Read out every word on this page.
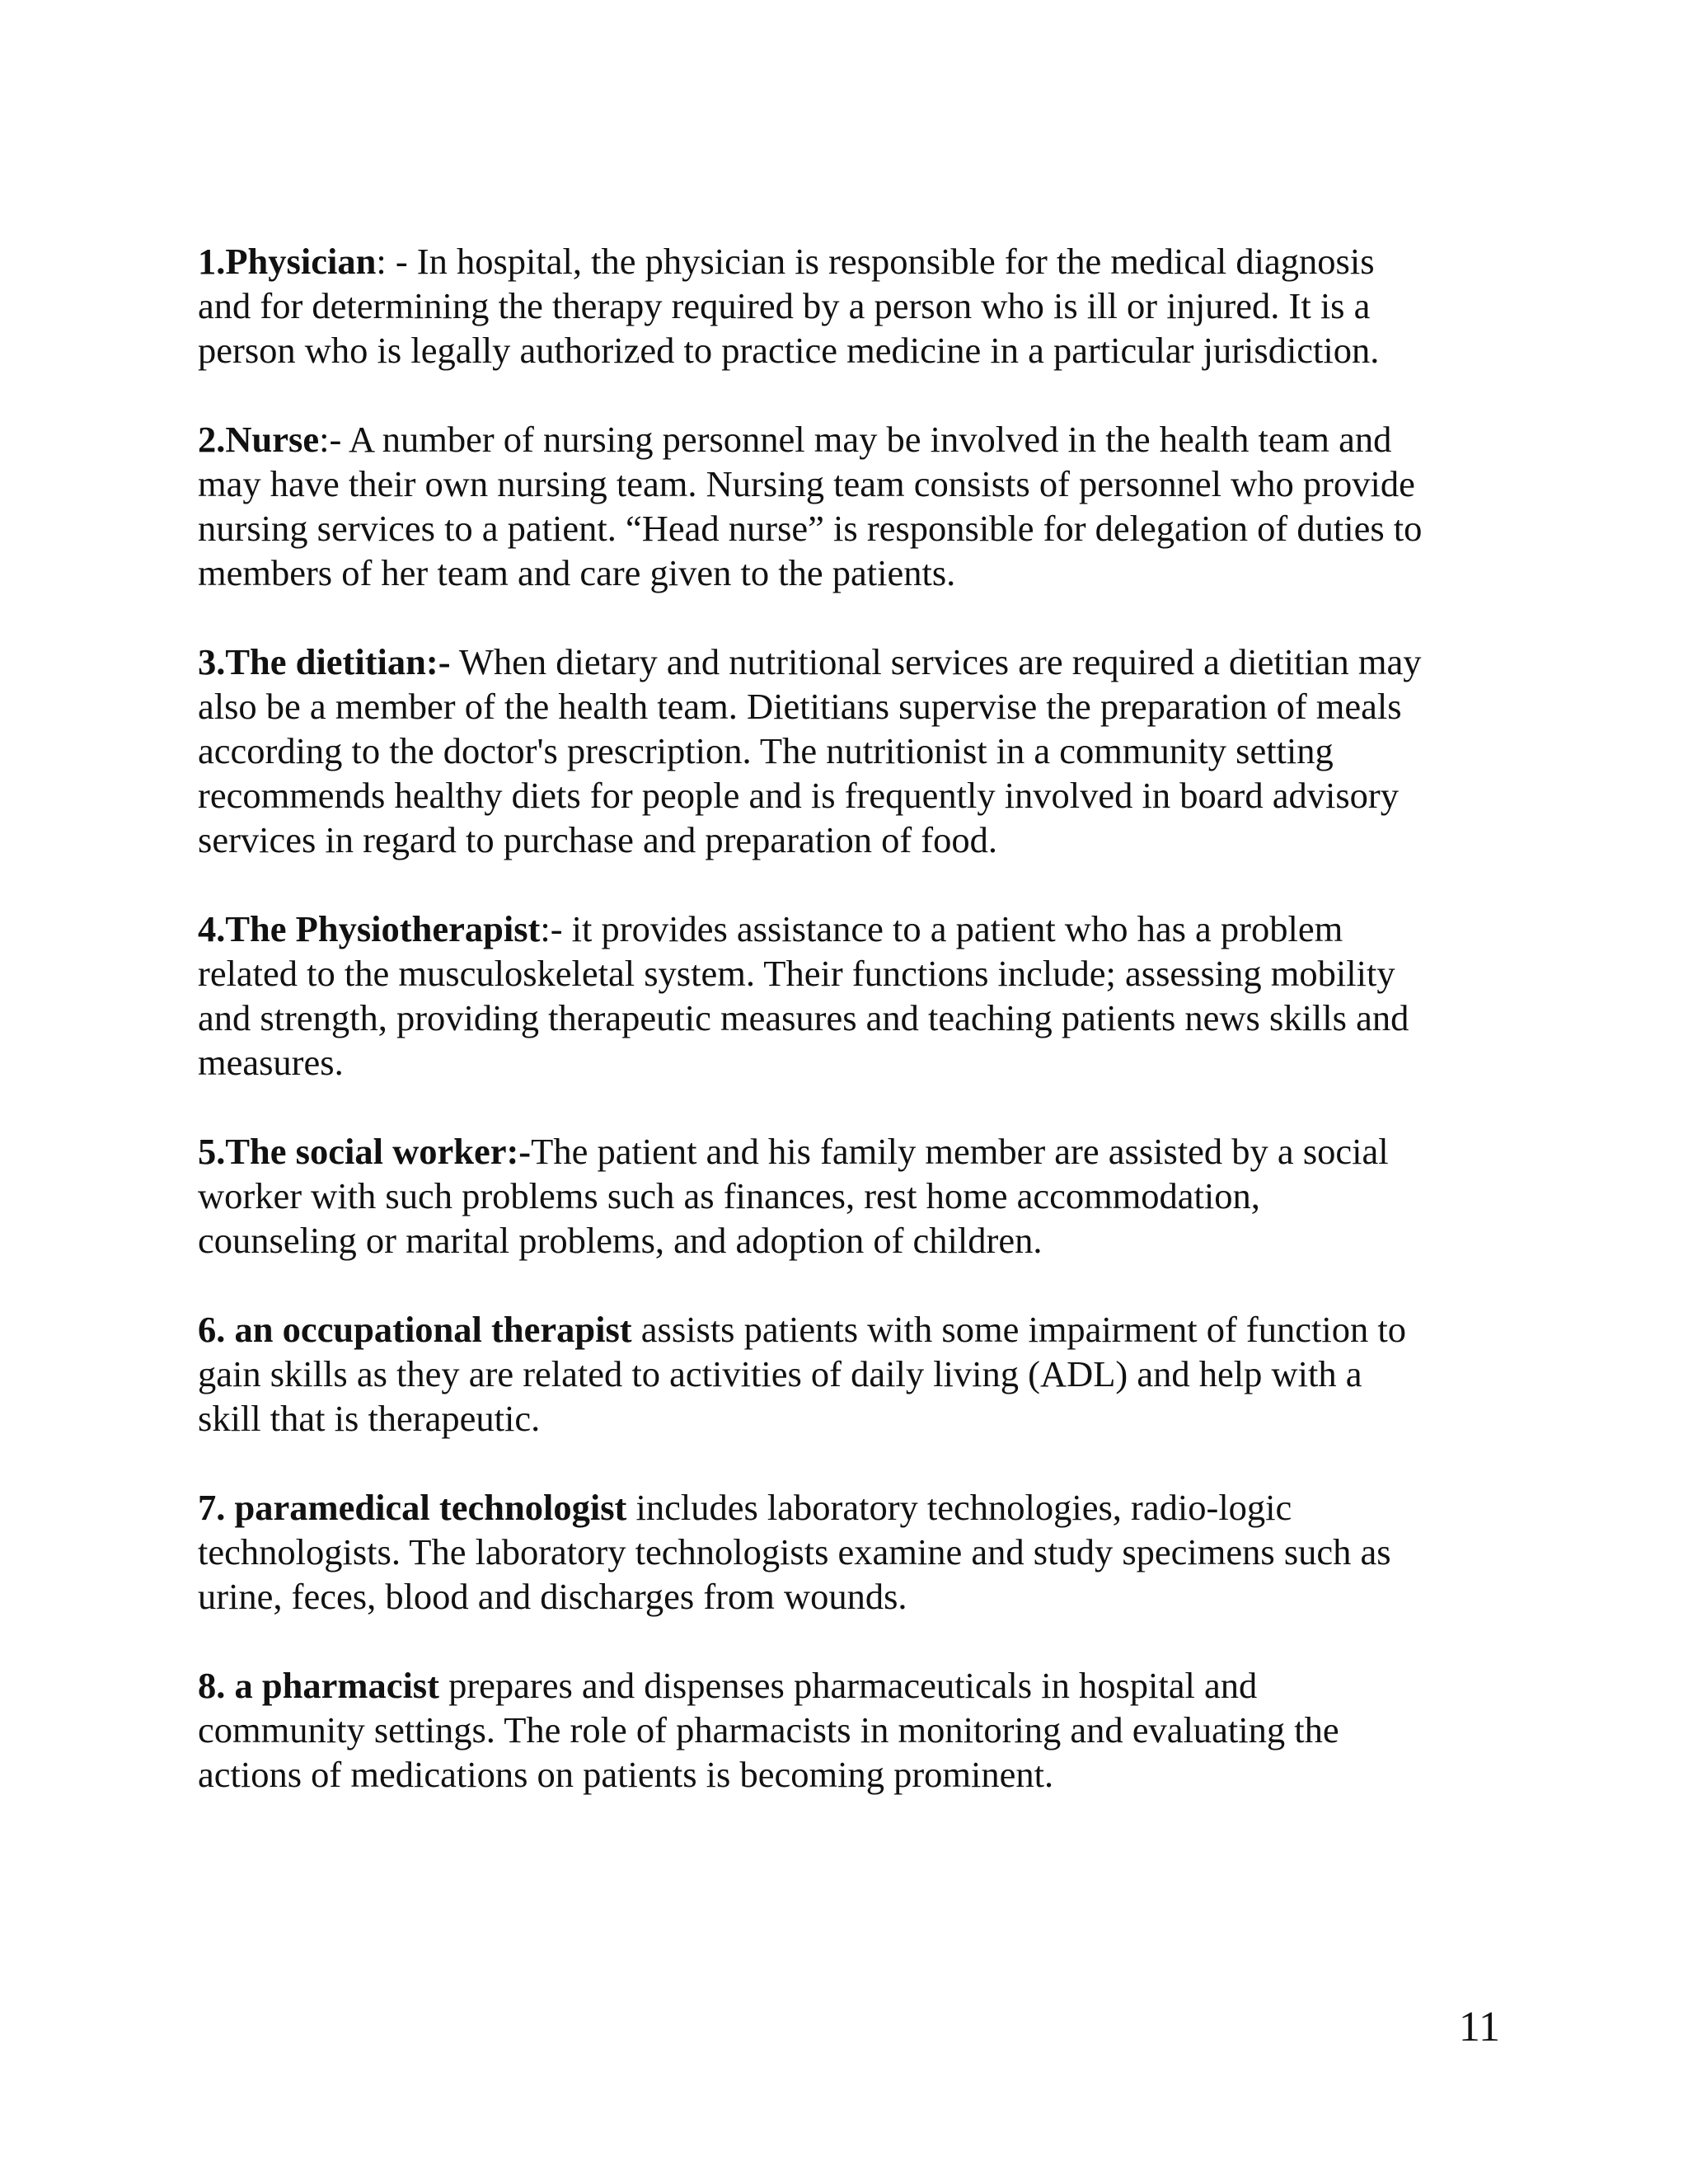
1.Physician: - In hospital, the physician is responsible for the medical diagnosis
and for determining the therapy required by a person who is ill or injured. It is a
person who is legally authorized to practice medicine in a particular jurisdiction.

2.Nurse:- A number of nursing personnel may be involved in the health team and
may have their own nursing team. Nursing team consists of personnel who provide
nursing services to a patient. “Head nurse” is responsible for delegation of duties to
members of her team and care given to the patients.

3.The dietitian:- When dietary and nutritional services are required a dietitian may
also be a member of the health team. Dietitians supervise the preparation of meals
according to the doctor's prescription. The nutritionist in a community setting
recommends healthy diets for people and is frequently involved in board advisory
services in regard to purchase and preparation of food.

4.The Physiotherapist:- it provides assistance to a patient who has a problem
related to the musculoskeletal system. Their functions include; assessing mobility
and strength, providing therapeutic measures and teaching patients news skills and
measures.

5.The social worker:-The patient and his family member are assisted by a social
worker with such problems such as finances, rest home accommodation,
counseling or marital problems, and adoption of children.

6. an occupational therapist assists patients with some impairment of function to
gain skills as they are related to activities of daily living (ADL) and help with a
skill that is therapeutic.

7. paramedical technologist includes laboratory technologies, radio-logic
technologists. The laboratory technologists examine and study specimens such as
urine, feces, blood and discharges from wounds.

8. a pharmacist prepares and dispenses pharmaceuticals in hospital and
community settings. The role of pharmacists in monitoring and evaluating the
actions of medications on patients is becoming prominent.

11
